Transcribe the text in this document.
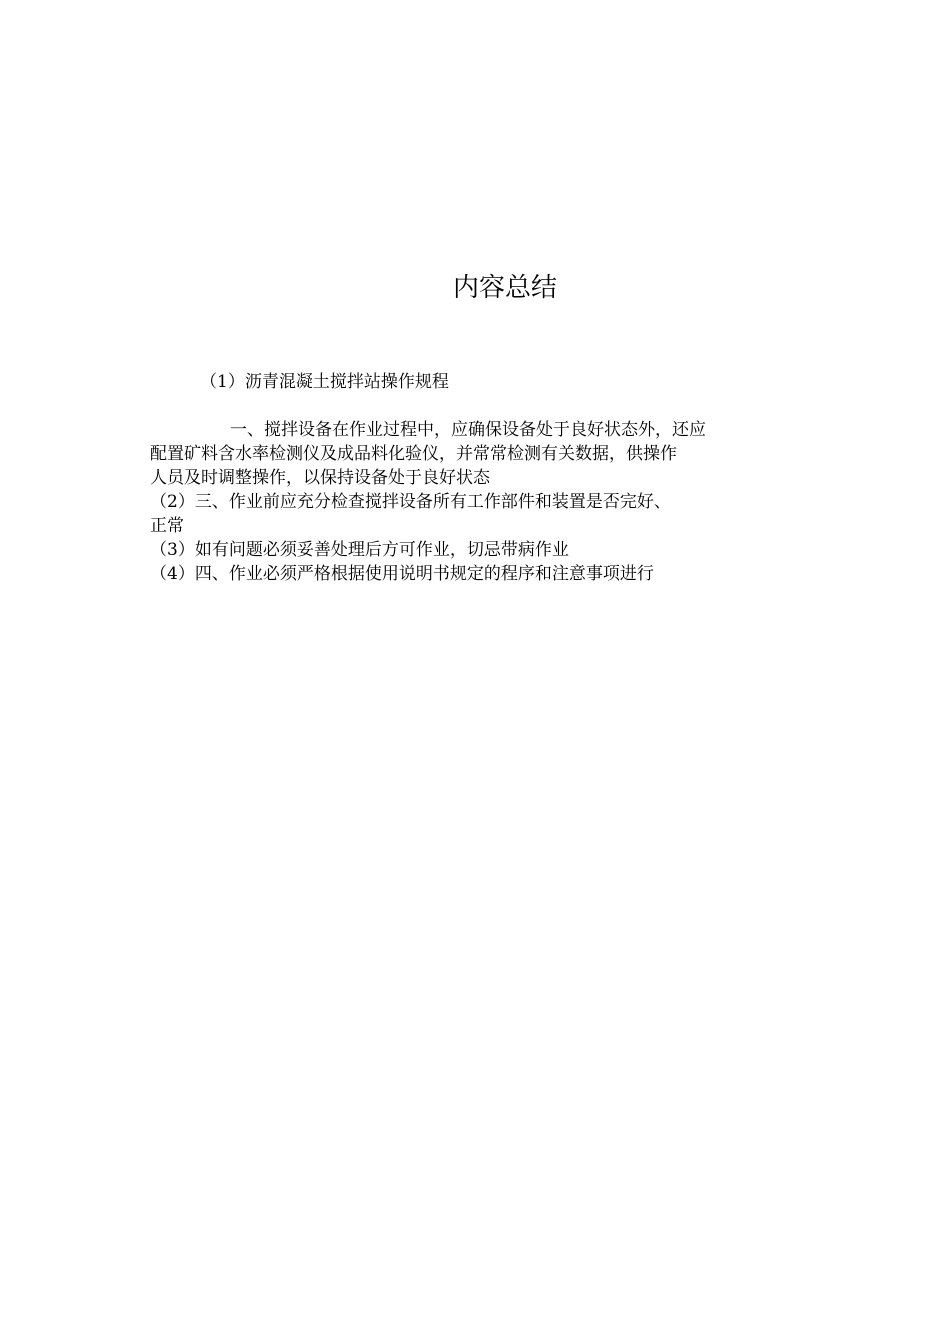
内容总结
（1）沥青混凝土搅拌站操作规程
一、搅拌设备在作业过程中，应确保设备处于良好状态外，还应
配置矿料含水率检测仪及成品料化验仪，并常常检测有关数据，供操作
人员及时调整操作，以保持设备处于良好状态
（2）三、作业前应充分检查搅拌设备所有工作部件和装置是否完好、
正常
（3）如有问题必须妥善处理后方可作业，切忌带病作业
（4）四、作业必须严格根据使用说明书规定的程序和注意事项进行
